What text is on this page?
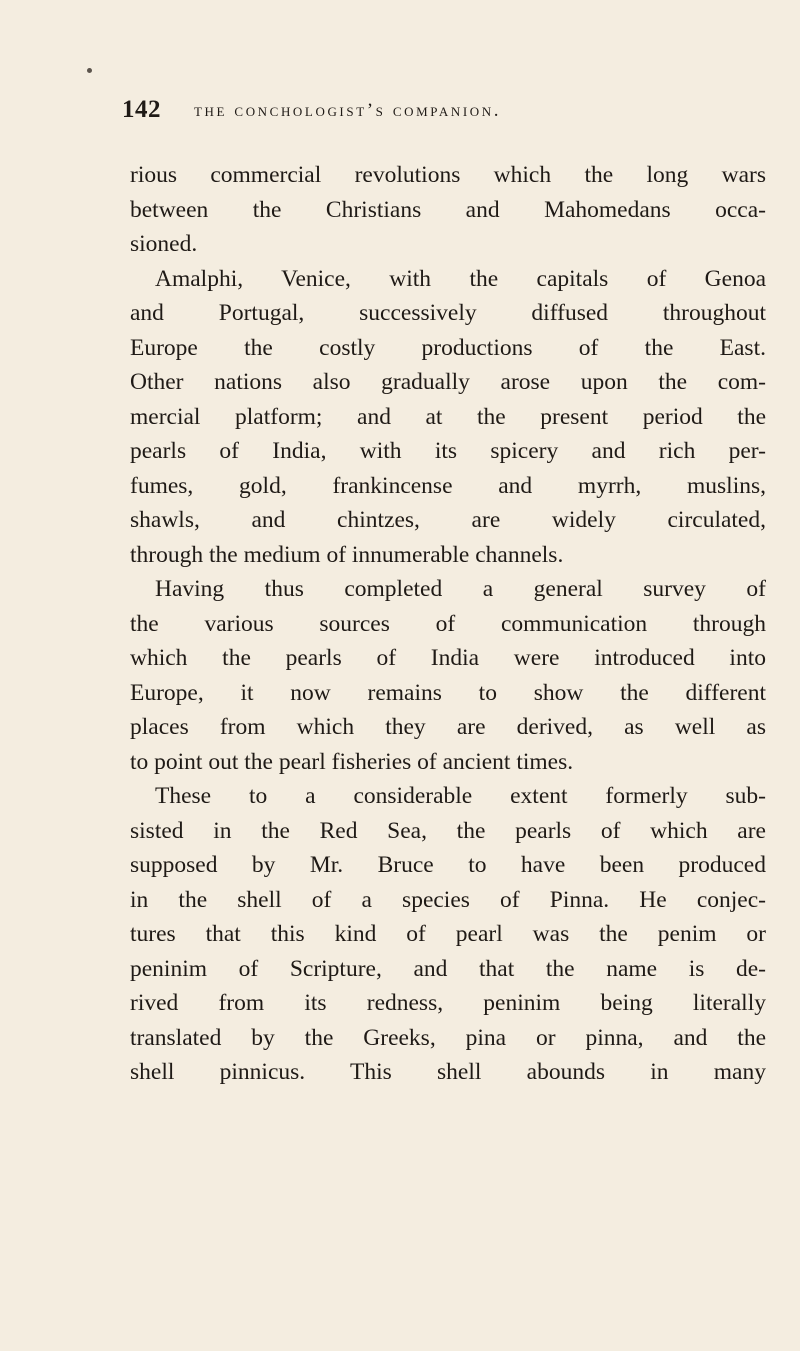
142 the conchologist’s companion.
rious commercial revolutions which the long wars
between the Christians and Mahomedans occa-
sioned.
Amalphi, Venice, with the capitals of Genoa
and Portugal, successively diffused throughout
Europe the costly productions of the East.
Other nations also gradually arose upon the com-
mercial platform; and at the present period the
pearls of India, with its spicery and rich per-
fumes, gold, frankincense and myrrh, muslins,
shawls, and chintzes, are widely circulated,
through the medium of innumerable channels.
Having thus completed a general survey of
the various sources of communication through
which the pearls of India were introduced into
Europe, it now remains to show the different
places from which they are derived, as well as
to point out the pearl fisheries of ancient times.
These to a considerable extent formerly sub-
sisted in the Red Sea, the pearls of which are
supposed by Mr. Bruce to have been produced
in the shell of a species of Pinna. He conjec-
tures that this kind of pearl was the penim or
peninim of Scripture, and that the name is de-
rived from its redness, peninim being literally
translated by the Greeks, pina or pinna, and the
shell pinnicus. This shell abounds in many
